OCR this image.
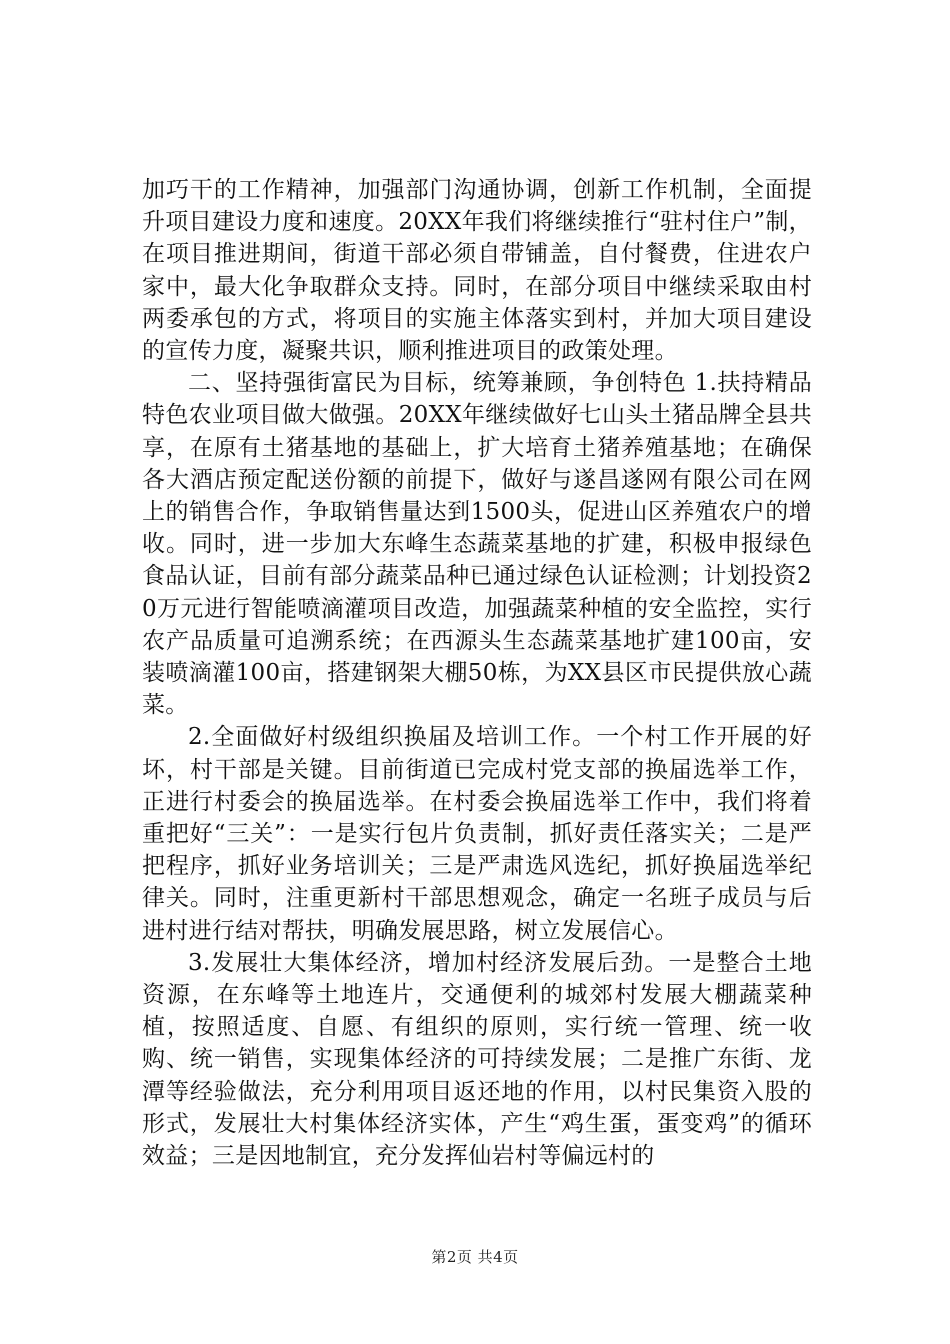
加巧干的工作精神，加强部门沟通协调，创新工作机制，全面提升项目建设力度和速度。20XX年我们将继续推行“驻村住户”制，在项目推进期间，街道干部必须自带铺盖，自付餐费，住进农户家中，最大化争取群众支持。同时，在部分项目中继续采取由村两委承包的方式，将项目的实施主体落实到村，并加大项目建设的宣传力度，凝聚共识，顺利推进项目的政策处理。

二、坚持强街富民为目标，统筹兼顾，争创特色 1.扶持精品特色农业项目做大做强。20XX年继续做好七山头土猪品牌全县共享，在原有土猪基地的基础上，扩大培育土猪养殖基地；在确保各大酒店预定配送份额的前提下，做好与遂昌遂网有限公司在网上的销售合作，争取销售量达到1500头，促进山区养殖农户的增收。同时，进一步加大东峰生态蔬菜基地的扩建，积极申报绿色食品认证，目前有部分蔬菜品种已通过绿色认证检测；计划投资20万元进行智能喷滴灌项目改造，加强蔬菜种植的安全监控，实行农产品质量可追溯系统；在西源头生态蔬菜基地扩建100亩，安装喷滴灌100亩，搭建钢架大棚50栋，为XX县区市民提供放心蔬菜。

2.全面做好村级组织换届及培训工作。一个村工作开展的好坏，村干部是关键。目前街道已完成村党支部的换届选举工作，正进行村委会的换届选举。在村委会换届选举工作中，我们将着重把好“三关”：一是实行包片负责制，抓好责任落实关；二是严把程序，抓好业务培训关；三是严肃选风选纪，抓好换届选举纪律关。同时，注重更新村干部思想观念，确定一名班子成员与后进村进行结对帮扶，明确发展思路，树立发展信心。

3.发展壮大集体经济，增加村经济发展后劲。一是整合土地资源，在东峰等土地连片，交通便利的城郊村发展大棚蔬菜种植，按照适度、自愿、有组织的原则，实行统一管理、统一收购、统一销售，实现集体经济的可持续发展；二是推广东街、龙潭等经验做法，充分利用项目返还地的作用，以村民集资入股的形式，发展壮大村集体经济实体，产生“鸡生蛋，蛋变鸡”的循环效益；三是因地制宜，充分发挥仙岩村等偏远村的

第2页 共4页
